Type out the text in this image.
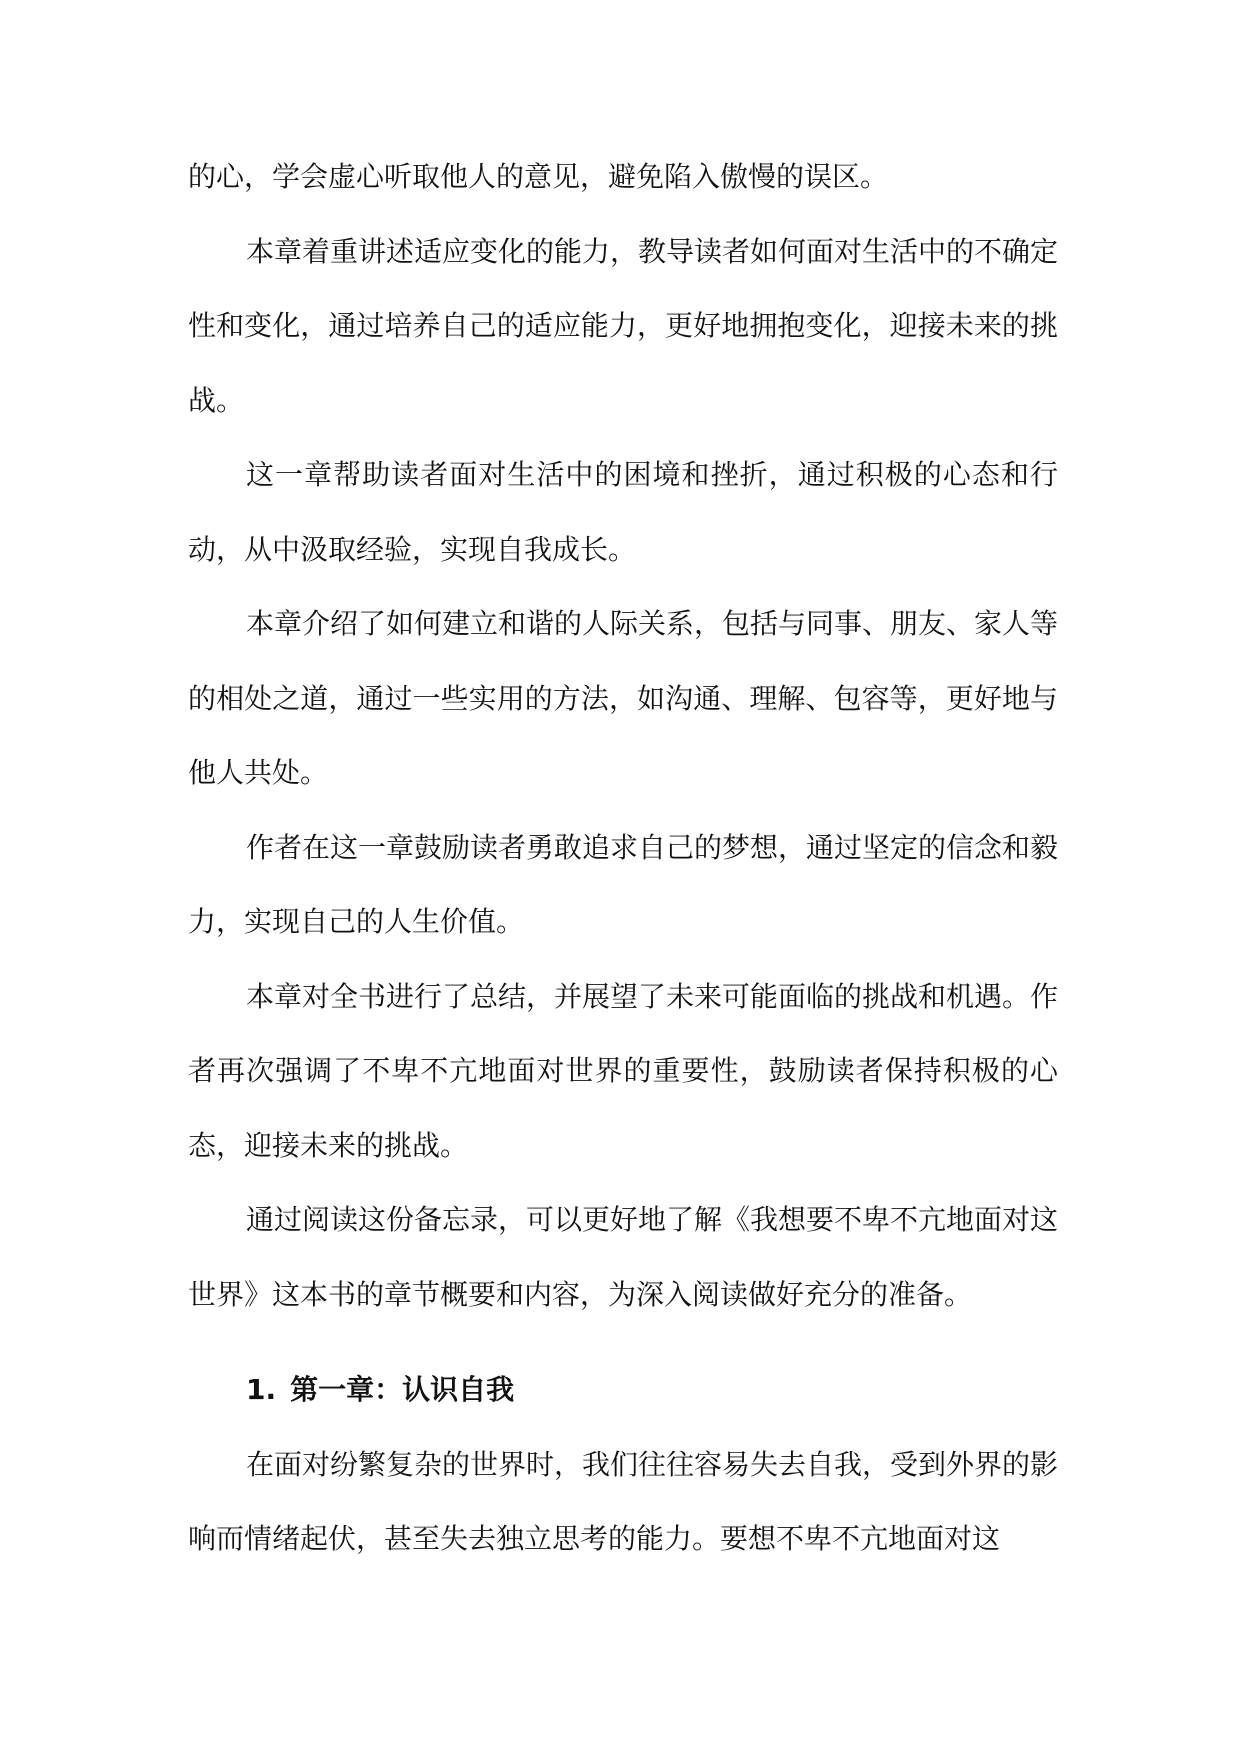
的心，学会虚心听取他人的意见，避免陷入傲慢的误区。

本章着重讲述适应变化的能力，教导读者如何面对生活中的不确定性和变化，通过培养自己的适应能力，更好地拥抱变化，迎接未来的挑战。

这一章帮助读者面对生活中的困境和挫折，通过积极的心态和行动，从中汲取经验，实现自我成长。

本章介绍了如何建立和谐的人际关系，包括与同事、朋友、家人等的相处之道，通过一些实用的方法，如沟通、理解、包容等，更好地与他人共处。

作者在这一章鼓励读者勇敢追求自己的梦想，通过坚定的信念和毅力，实现自己的人生价值。

本章对全书进行了总结，并展望了未来可能面临的挑战和机遇。作者再次强调了不卑不亢地面对世界的重要性，鼓励读者保持积极的心态，迎接未来的挑战。

通过阅读这份备忘录，可以更好地了解《我想要不卑不亢地面对这世界》这本书的章节概要和内容，为深入阅读做好充分的准备。

1. 第一章：认识自我

在面对纷繁复杂的世界时，我们往往容易失去自我，受到外界的影响而情绪起伏，甚至失去独立思考的能力。要想不卑不亢地面对这
